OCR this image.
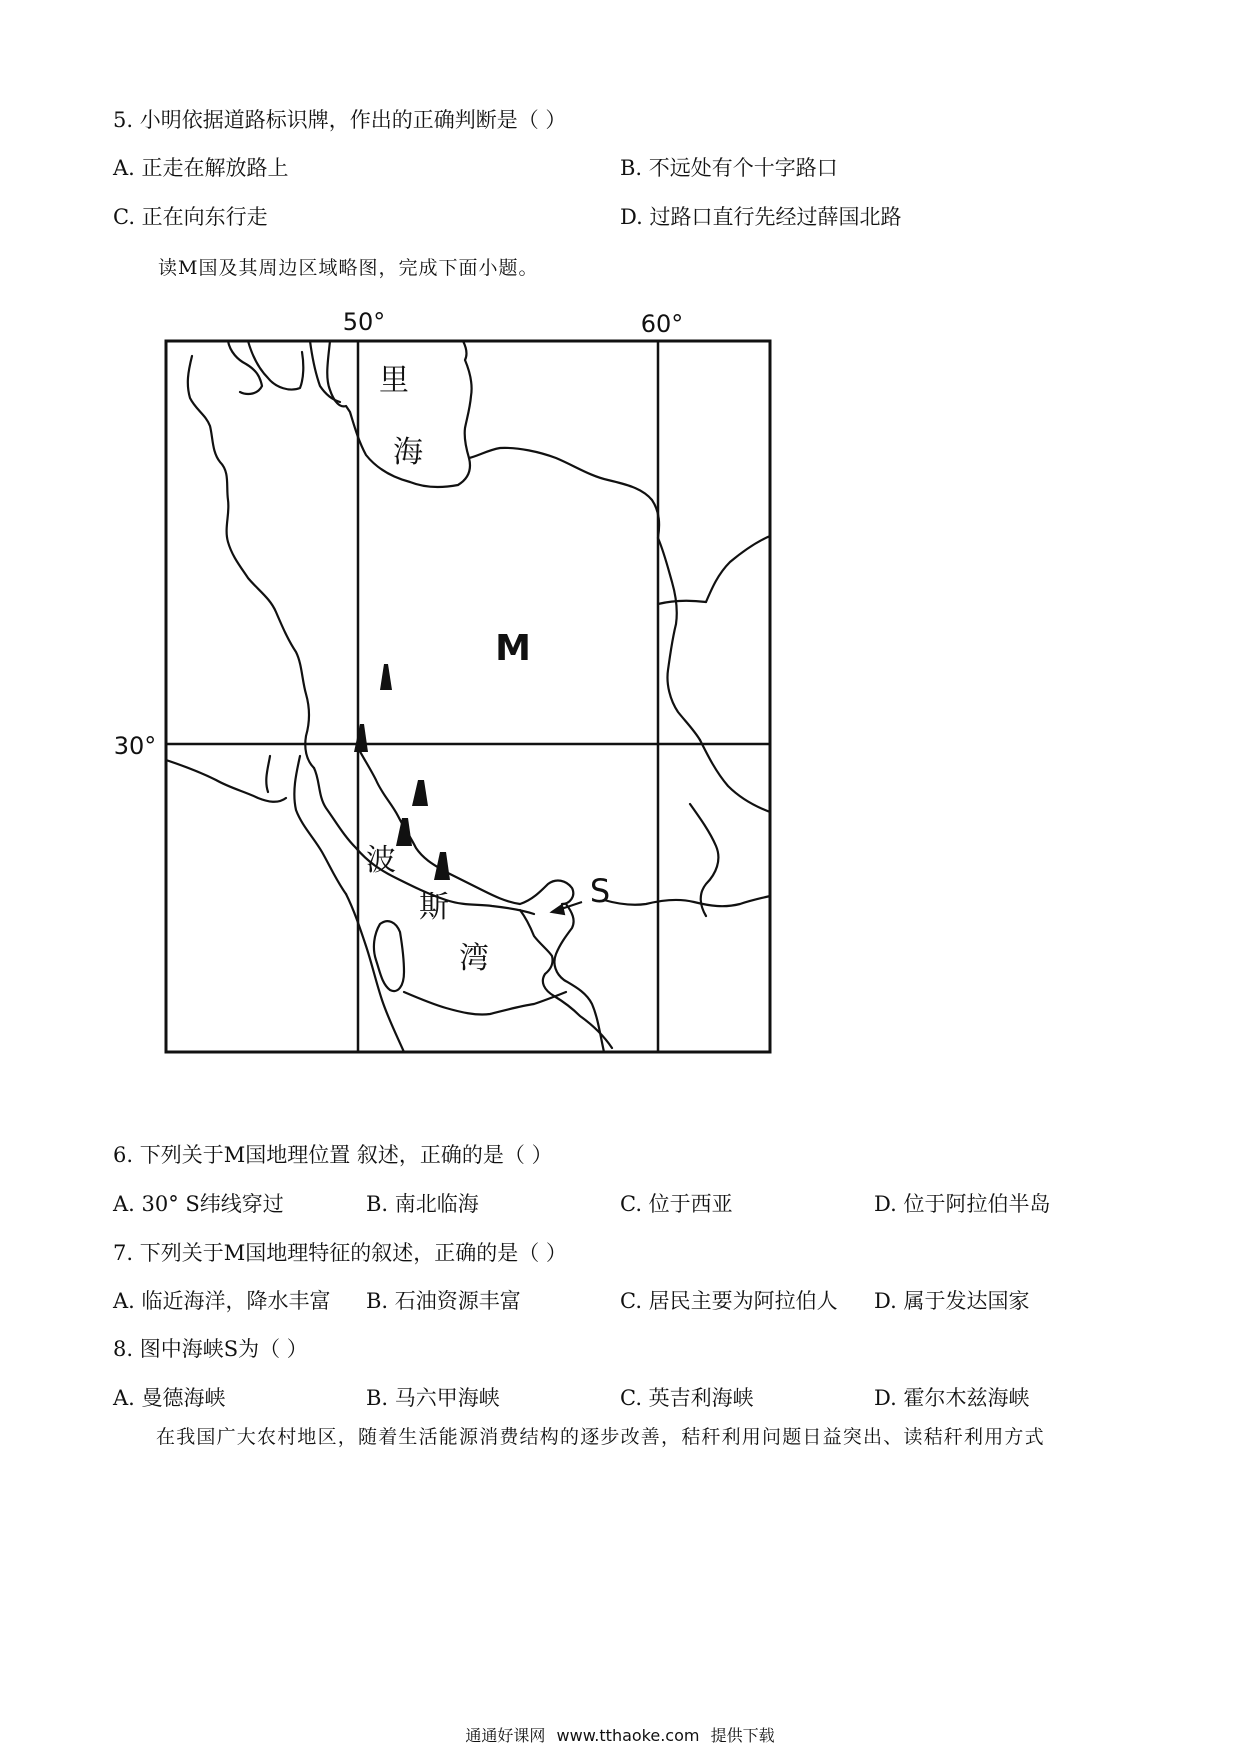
5. 小明依据道路标识牌，作出的正确判断是（ ）
A. 正走在解放路上	B. 不远处有个十字路口
C. 正在向东行走	D. 过路口直行先经过薛国北路
读M国及其周边区域略图，完成下面小题。
50°	60°
30°
里
海
M
波
斯
湾
S
6. 下列关于M国地理位置 叙述，正确的是（ ）
A. 30° S纬线穿过	B. 南北临海	C. 位于西亚	D. 位于阿拉伯半岛
7. 下列关于M国地理特征的叙述，正确的是（ ）
A. 临近海洋，降水丰富 B. 石油资源丰富	C. 居民主要为阿拉伯人 D. 属于发达国家
8. 图中海峡S为（ ）
A. 曼德海峡	B. 马六甲海峡	C. 英吉利海峡	D. 霍尔木兹海峡
在我国广大农村地区，随着生活能源消费结构的逐步改善，秸秆利用问题日益突出、读秸秆利用方式
通通好课网 www.tthaoke.com 提供下载
